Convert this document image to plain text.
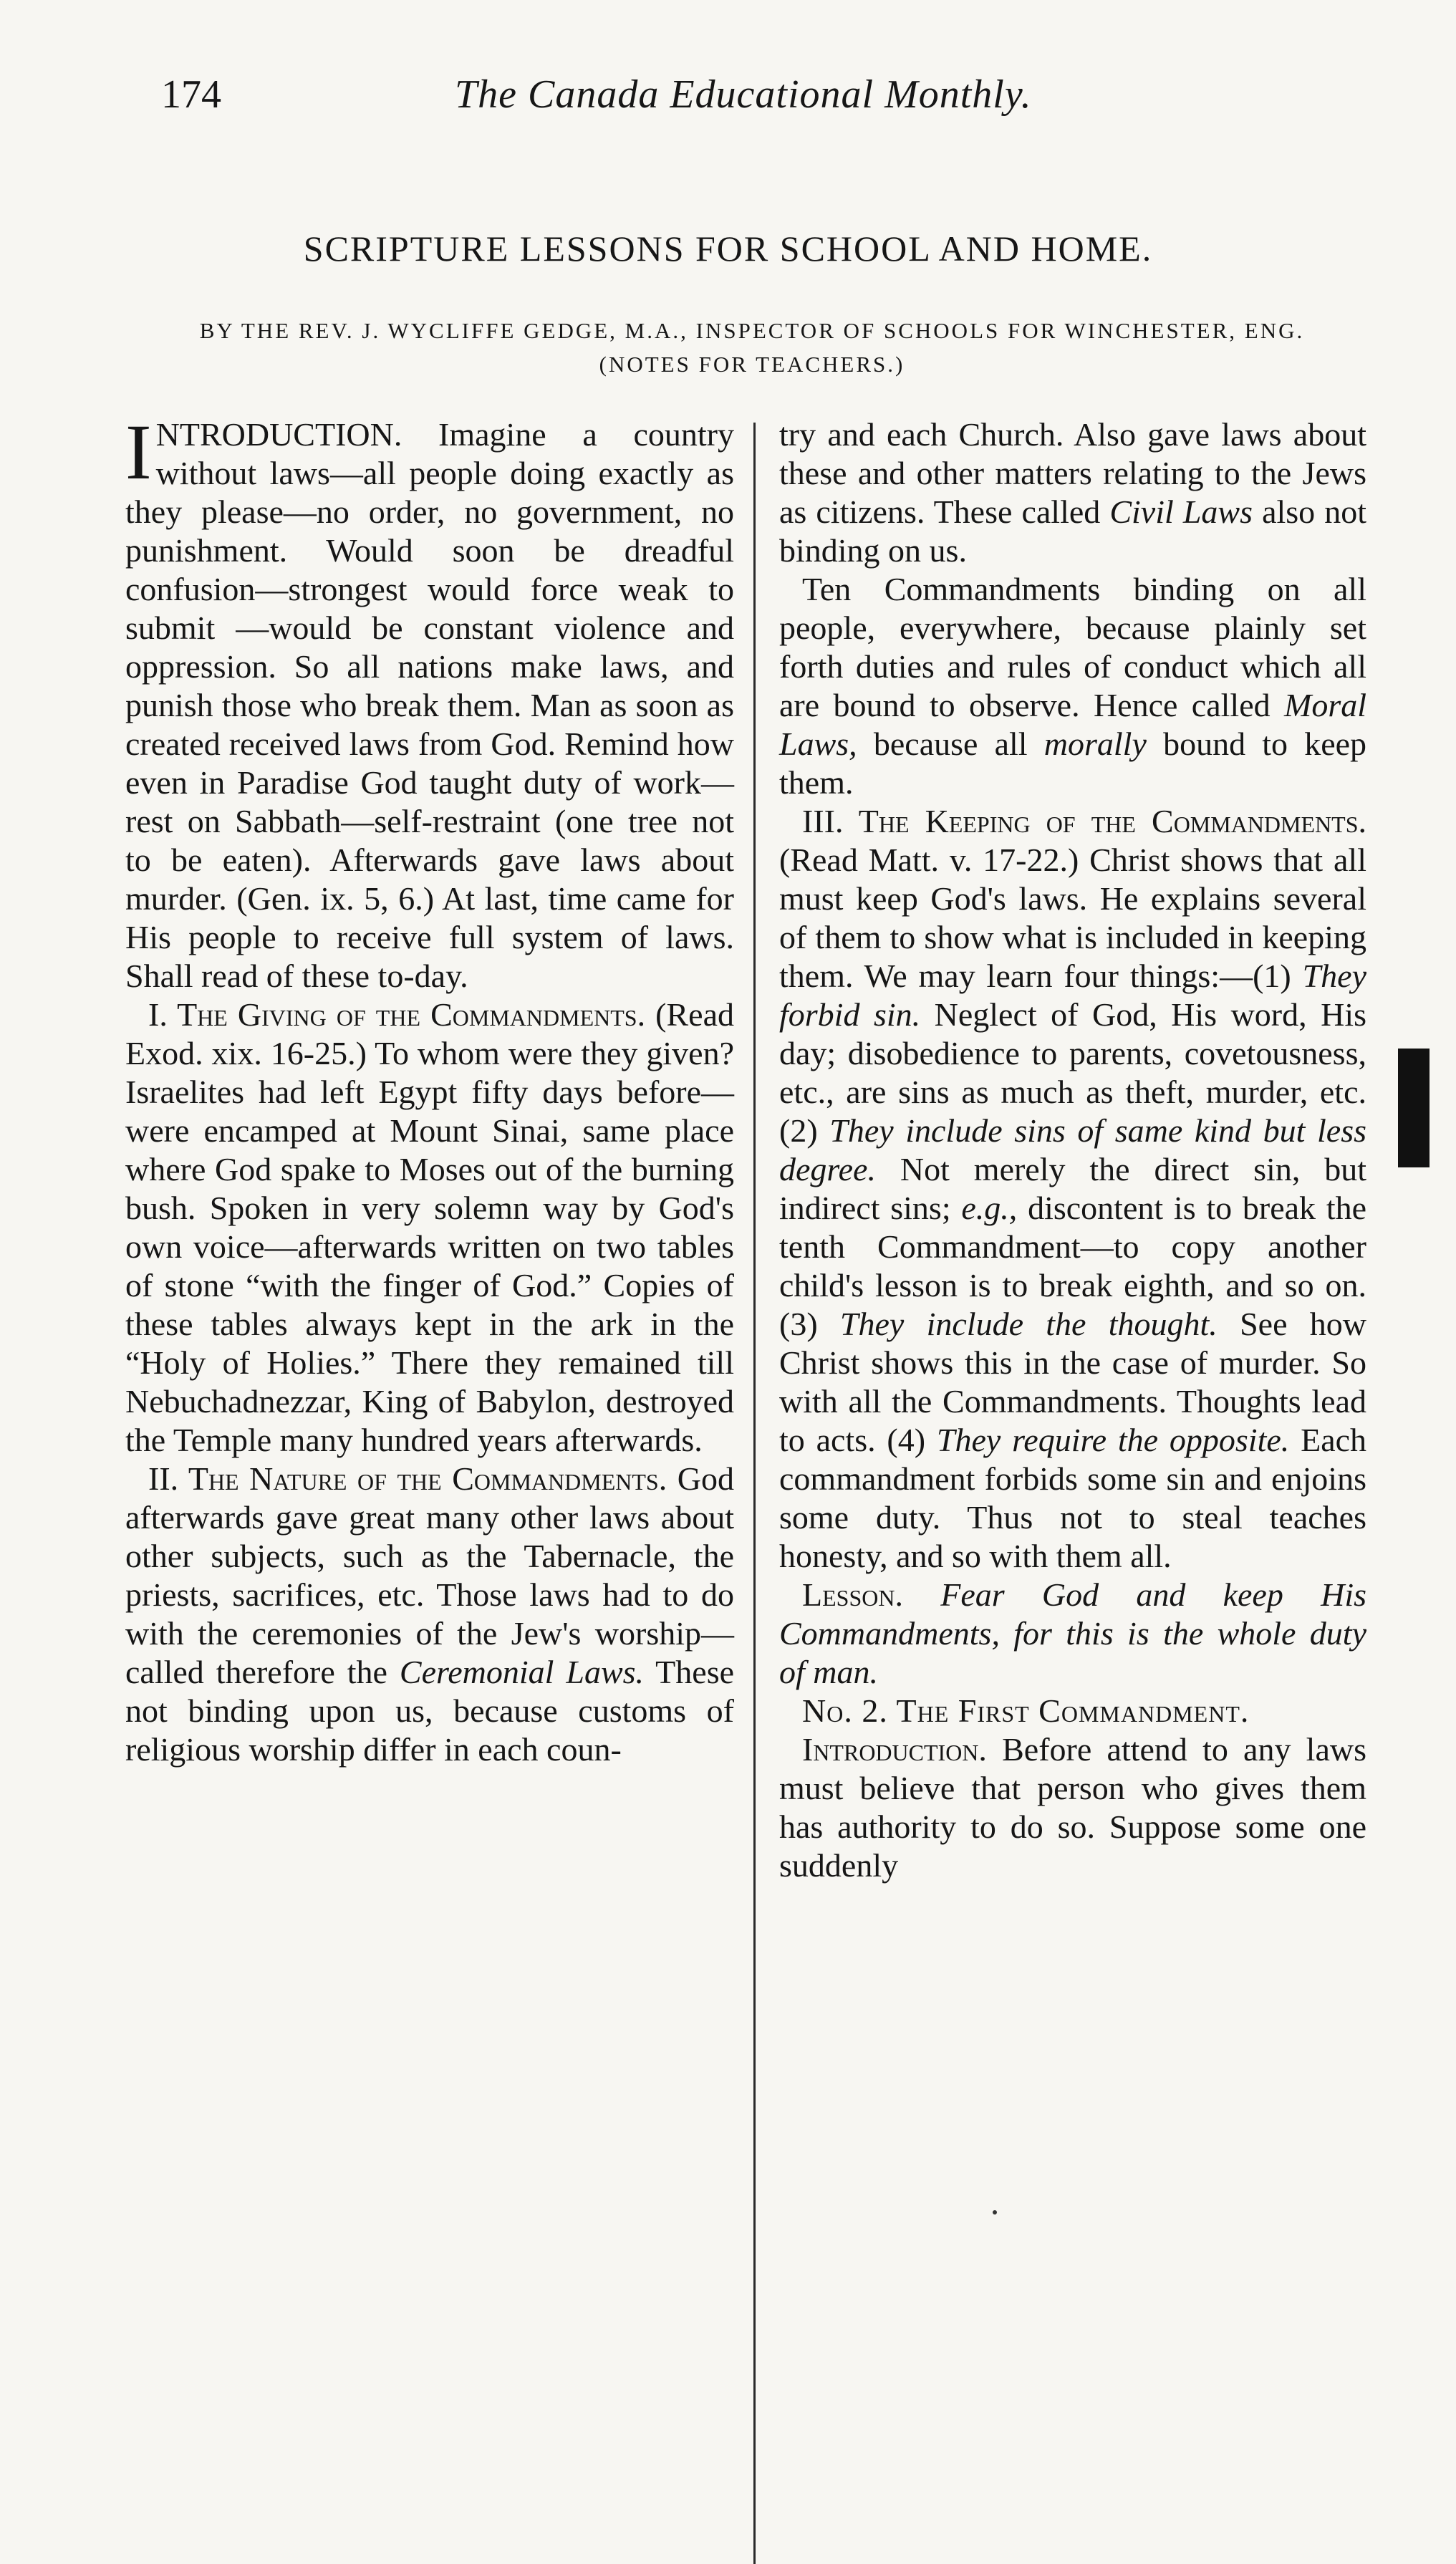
174	The Canada Educational Monthly.
SCRIPTURE LESSONS FOR SCHOOL AND HOME.
BY THE REV. J. WYCLIFFE GEDGE, M.A., INSPECTOR OF SCHOOLS FOR WINCHESTER, ENG. (NOTES FOR TEACHERS.)

INTRODUCTION. Imagine a country without laws—all people doing exactly as they please—no order, no government, no punishment. Would soon be dreadful confusion—strongest would force weak to submit —would be constant violence and oppression. So all nations make laws, and punish those who break them. Man as soon as created received laws from God. Remind how even in Paradise God taught duty of work—rest on Sabbath—self-restraint (one tree not to be eaten). Afterwards gave laws about murder. (Gen. ix. 5, 6.) At last, time came for His people to receive full system of laws. Shall read of these to-day.

I. The Giving of the Commandments. (Read Exod. xix. 16-25.) To whom were they given? Israelites had left Egypt fifty days before—were encamped at Mount Sinai, same place where God spake to Moses out of the burning bush. Spoken in very solemn way by God's own voice—afterwards written on two tables of stone “with the finger of God.” Copies of these tables always kept in the ark in the “Holy of Holies.” There they remained till Nebuchadnezzar, King of Babylon, destroyed the Temple many hundred years afterwards.

II. The Nature of the Commandments. God afterwards gave great many other laws about other subjects, such as the Tabernacle, the priests, sacrifices, etc. Those laws had to do with the ceremonies of the Jew's worship—called therefore the Ceremonial Laws. These not binding upon us, because customs of religious worship differ in each coun-

try and each Church. Also gave laws about these and other matters relating to the Jews as citizens. These called Civil Laws also not binding on us.

Ten Commandments binding on all people, everywhere, because plainly set forth duties and rules of conduct which all are bound to observe. Hence called Moral Laws, because all morally bound to keep them.

III. The Keeping of the Commandments. (Read Matt. v. 17-22.) Christ shows that all must keep God's laws. He explains several of them to show what is included in keeping them. We may learn four things:—(1) They forbid sin. Neglect of God, His word, His day; disobedience to parents, covetousness, etc., are sins as much as theft, murder, etc. (2) They include sins of same kind but less degree. Not merely the direct sin, but indirect sins; e.g., discontent is to break the tenth Commandment—to copy another child's lesson is to break eighth, and so on. (3) They include the thought. See how Christ shows this in the case of murder. So with all the Commandments. Thoughts lead to acts. (4) They require the opposite. Each commandment forbids some sin and enjoins some duty. Thus not to steal teaches honesty, and so with them all.

Lesson. Fear God and keep His Commandments, for this is the whole duty of man.

No. 2. The First Commandment.

Introduction. Before attend to any laws must believe that person who gives them has authority to do so. Suppose some one suddenly
